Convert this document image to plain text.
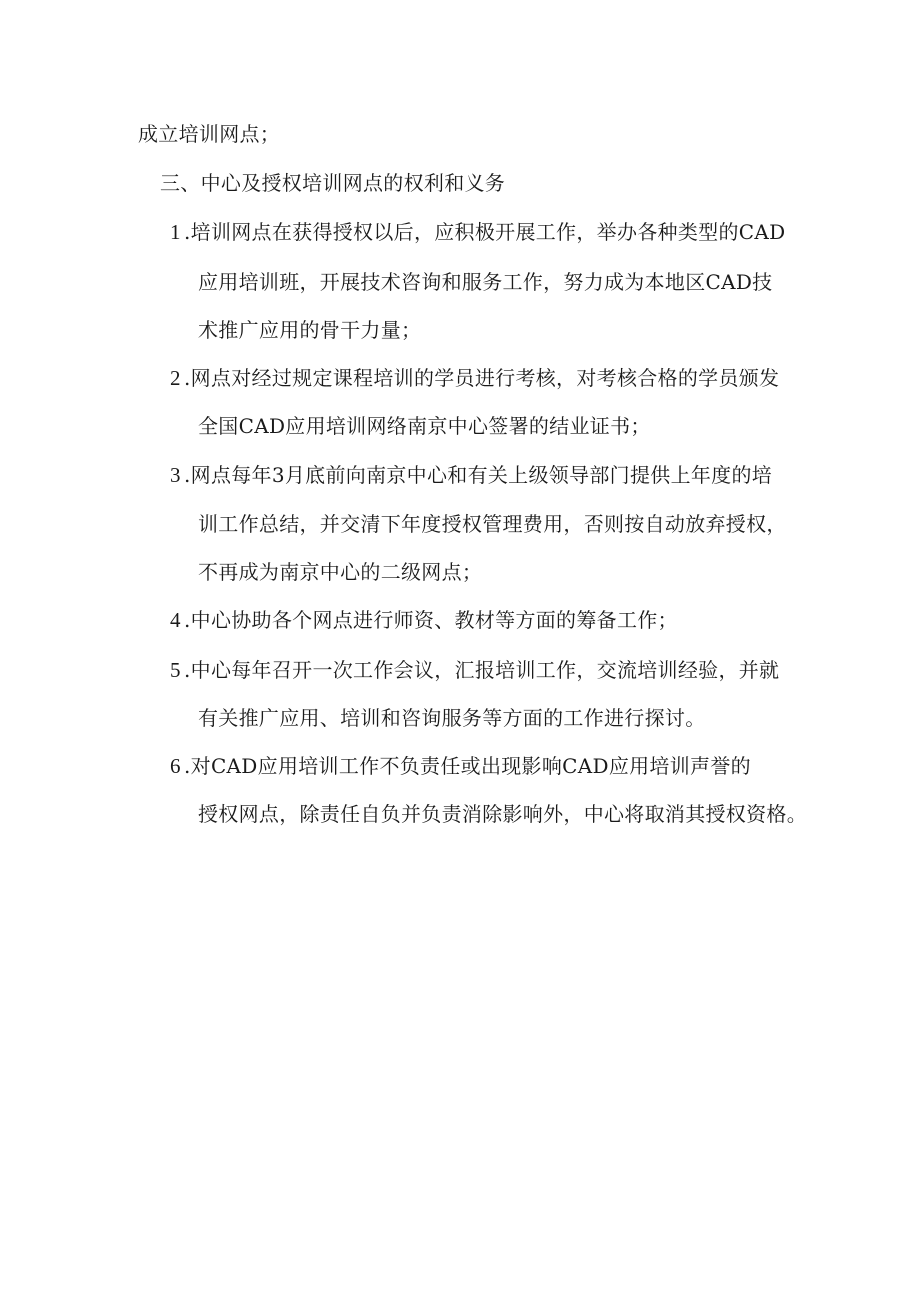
成立培训网点；
三、中心及授权培训网点的权利和义务
1 .培训网点在获得授权以后，应积极开展工作，举办各种类型的CAD
应用培训班，开展技术咨询和服务工作，努力成为本地区CAD技
术推广应用的骨干力量；
2 .网点对经过规定课程培训的学员进行考核，对考核合格的学员颁发
全国CAD应用培训网络南京中心签署的结业证书；
3 .网点每年3月底前向南京中心和有关上级领导部门提供上年度的培
训工作总结，并交清下年度授权管理费用，否则按自动放弃授权，
不再成为南京中心的二级网点；
4 .中心协助各个网点进行师资、教材等方面的筹备工作；
5 .中心每年召开一次工作会议，汇报培训工作，交流培训经验，并就
有关推广应用、培训和咨询服务等方面的工作进行探讨。
6 .对CAD应用培训工作不负责任或出现影响CAD应用培训声誉的
授权网点，除责任自负并负责消除影响外，中心将取消其授权资格。
